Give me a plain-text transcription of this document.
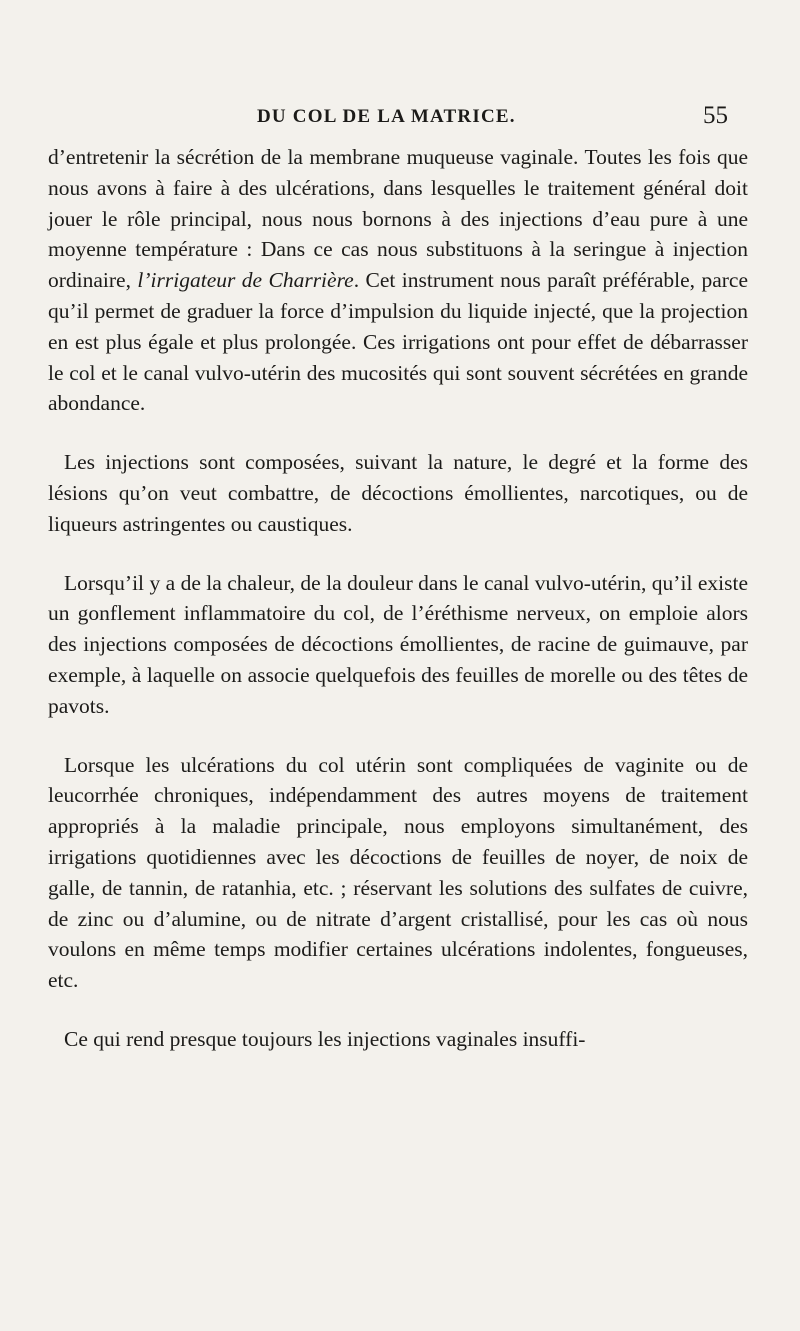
DU COL DE LA MATRICE.	55

d’entretenir la sécrétion de la membrane muqueuse vaginale. Toutes les fois que nous avons à faire à des ulcérations, dans lesquelles le traitement général doit jouer le rôle principal, nous nous bornons à des injections d’eau pure à une moyenne température : Dans ce cas nous substituons à la seringue à injection ordinaire, l’irrigateur de Charrière. Cet instrument nous paraît préférable, parce qu’il permet de graduer la force d’impulsion du liquide injecté, que la projection en est plus égale et plus prolongée. Ces irrigations ont pour effet de débarrasser le col et le canal vulvo-utérin des mucosités qui sont souvent sécrétées en grande abondance.

Les injections sont composées, suivant la nature, le degré et la forme des lésions qu’on veut combattre, de décoctions émollientes, narcotiques, ou de liqueurs astringentes ou caustiques.

Lorsqu’il y a de la chaleur, de la douleur dans le canal vulvo-utérin, qu’il existe un gonflement inflammatoire du col, de l’éréthisme nerveux, on emploie alors des injections composées de décoctions émollientes, de racine de guimauve, par exemple, à laquelle on associe quelquefois des feuilles de morelle ou des têtes de pavots.

Lorsque les ulcérations du col utérin sont compliquées de vaginite ou de leucorrhée chroniques, indépendamment des autres moyens de traitement appropriés à la maladie principale, nous employons simultanément, des irrigations quotidiennes avec les décoctions de feuilles de noyer, de noix de galle, de tannin, de ratanhia, etc. ; réservant les solutions des sulfates de cuivre, de zinc ou d’alumine, ou de nitrate d’argent cristallisé, pour les cas où nous voulons en même temps modifier certaines ulcérations indolentes, fongueuses, etc.

Ce qui rend presque toujours les injections vaginales insuffi-
